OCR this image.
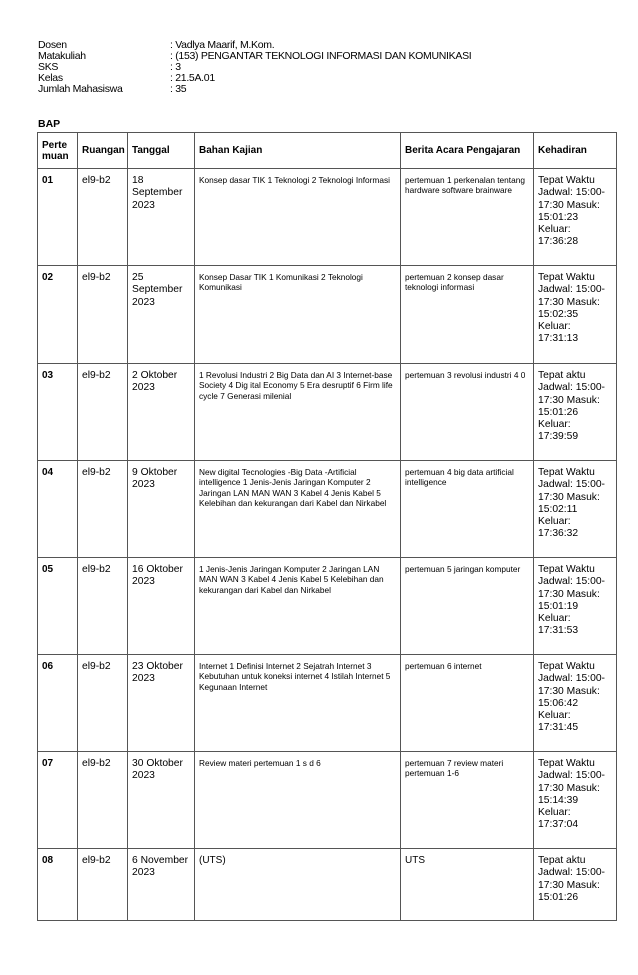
Dosen	: Vadlya Maarif, M.Kom.
Matakuliah	: (153) PENGANTAR TEKNOLOGI INFORMASI DAN KOMUNIKASI
SKS	: 3
Kelas	: 21.5A.01
Jumlah Mahasiswa	: 35
BAP
Perte muan	Ruangan	Tanggal	Bahan Kajian	Berita Acara Pengajaran	Kehadiran
01	el9-b2	18 September 2023	Konsep dasar TIK 1 Teknologi 2 Teknologi Informasi	pertemuan 1 perkenalan tentang hardware software brainware	Tepat Waktu Jadwal: 15:00-17:30 Masuk: 15:01:23 Keluar: 17:36:28
02	el9-b2	25 September 2023	Konsep Dasar TIK 1 Komunikasi 2 Teknologi Komunikasi	pertemuan 2 konsep dasar teknologi informasi	Tepat Waktu Jadwal: 15:00-17:30 Masuk: 15:02:35 Keluar: 17:31:13
03	el9-b2	2 Oktober 2023	1 Revolusi Industri 2 Big Data dan AI 3 Internet-base Society 4 Dig ital Economy 5 Era desruptif 6 Firm life cycle 7 Generasi milenial	pertemuan 3 revolusi industri 4 0	Tepat aktu Jadwal: 15:00-17:30 Masuk: 15:01:26 Keluar: 17:39:59
04	el9-b2	9 Oktober 2023	New digital Tecnologies -Big Data -Artificial intelligence 1 Jenis-Jenis Jaringan Komputer 2 Jaringan LAN MAN WAN 3 Kabel 4 Jenis Kabel 5 Kelebihan dan kekurangan dari Kabel dan Nirkabel	pertemuan 4 big data artificial intelligence	Tepat Waktu Jadwal: 15:00-17:30 Masuk: 15:02:11 Keluar: 17:36:32
05	el9-b2	16 Oktober 2023	1 Jenis-Jenis Jaringan Komputer 2 Jaringan LAN MAN WAN 3 Kabel 4 Jenis Kabel 5 Kelebihan dan kekurangan dari Kabel dan Nirkabel	pertemuan 5 jaringan komputer	Tepat Waktu Jadwal: 15:00-17:30 Masuk: 15:01:19 Keluar: 17:31:53
06	el9-b2	23 Oktober 2023	Internet 1 Definisi Internet 2 Sejatrah Internet 3 Kebutuhan untuk koneksi internet 4 Istilah Internet 5 Kegunaan Internet	pertemuan 6 internet	Tepat Waktu Jadwal: 15:00-17:30 Masuk: 15:06:42 Keluar: 17:31:45
07	el9-b2	30 Oktober 2023	Review materi pertemuan 1 s d 6	pertemuan 7 review materi pertemuan 1-6	Tepat Waktu Jadwal: 15:00-17:30 Masuk: 15:14:39 Keluar: 17:37:04
08	el9-b2	6 November 2023	(UTS)	UTS	Tepat aktu Jadwal: 15:00-17:30 Masuk: 15:01:26
